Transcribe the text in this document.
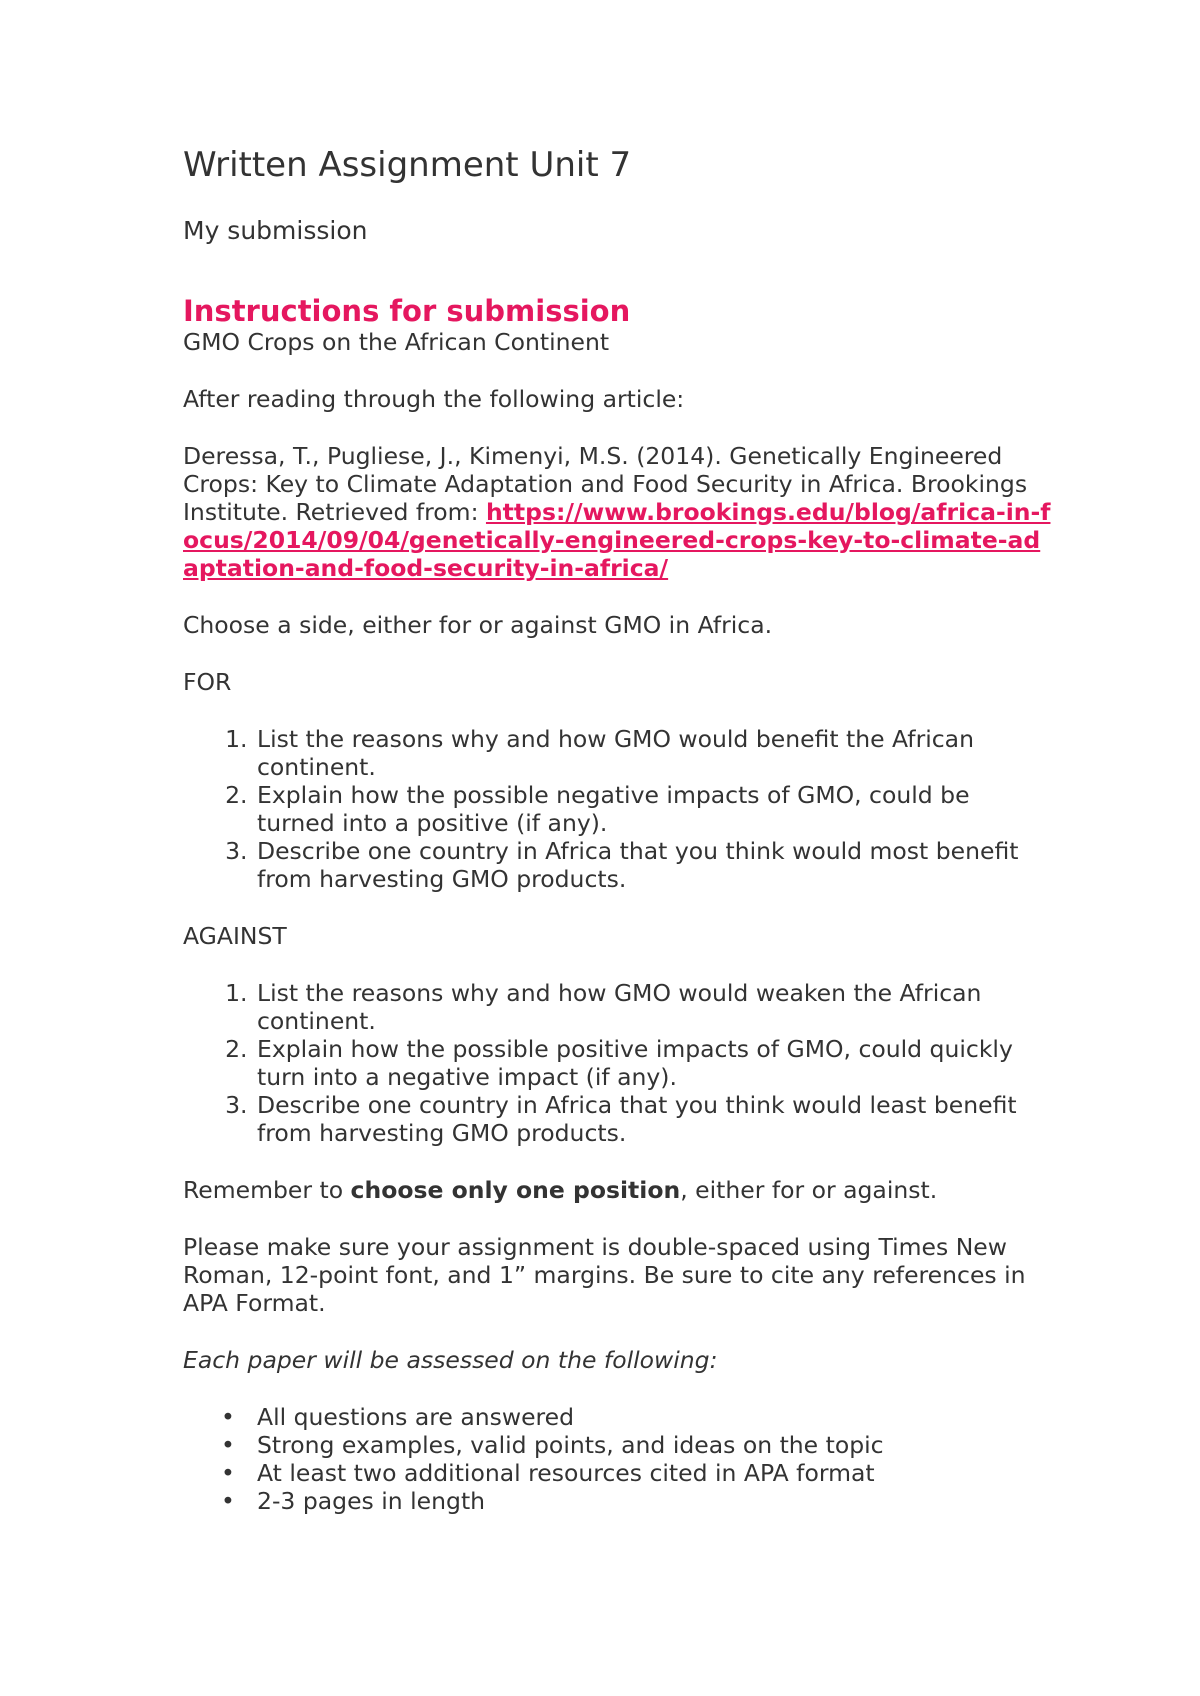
Written Assignment Unit 7

My submission

Instructions for submission

GMO Crops on the African Continent

After reading through the following article:

Deressa, T., Pugliese, J., Kimenyi, M.S. (2014). Genetically Engineered Crops: Key to Climate Adaptation and Food Security in Africa. Brookings Institute. Retrieved from: https://www.brookings.edu/blog/africa-in-focus/2014/09/04/genetically-engineered-crops-key-to-climate-adaptation-and-food-security-in-africa/

Choose a side, either for or against GMO in Africa.

FOR

1. List the reasons why and how GMO would benefit the African continent.
2. Explain how the possible negative impacts of GMO, could be turned into a positive (if any).
3. Describe one country in Africa that you think would most benefit from harvesting GMO products.

AGAINST

1. List the reasons why and how GMO would weaken the African continent.
2. Explain how the possible positive impacts of GMO, could quickly turn into a negative impact (if any).
3. Describe one country in Africa that you think would least benefit from harvesting GMO products.

Remember to choose only one position, either for or against.

Please make sure your assignment is double-spaced using Times New Roman, 12-point font, and 1” margins. Be sure to cite any references in APA Format.

Each paper will be assessed on the following:

• All questions are answered
• Strong examples, valid points, and ideas on the topic
• At least two additional resources cited in APA format
• 2-3 pages in length
